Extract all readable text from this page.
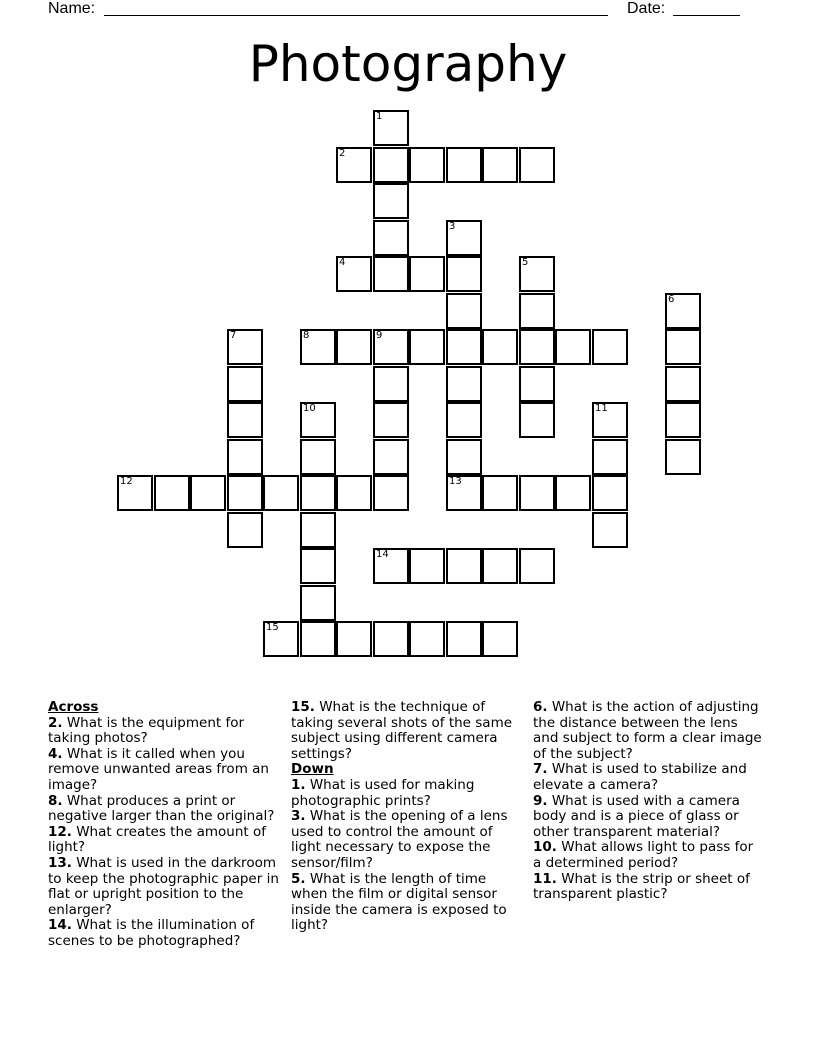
Name:	Date:
Photography
1
2
3
4	5
6
7	8	9
10	11
12	13
14
15
Across
2. What is the equipment for taking photos?
4. What is it called when you remove unwanted areas from an image?
8. What produces a print or negative larger than the original?
12. What creates the amount of light?
13. What is used in the darkroom to keep the photographic paper in flat or upright position to the enlarger?
14. What is the illumination of scenes to be photographed?
15. What is the technique of taking several shots of the same subject using different camera settings?
Down
1. What is used for making photographic prints?
3. What is the opening of a lens used to control the amount of light necessary to expose the sensor/film?
5. What is the length of time when the film or digital sensor inside the camera is exposed to light?
6. What is the action of adjusting the distance between the lens and subject to form a clear image of the subject?
7. What is used to stabilize and elevate a camera?
9. What is used with a camera body and is a piece of glass or other transparent material?
10. What allows light to pass for a determined period?
11. What is the strip or sheet of transparent plastic?
